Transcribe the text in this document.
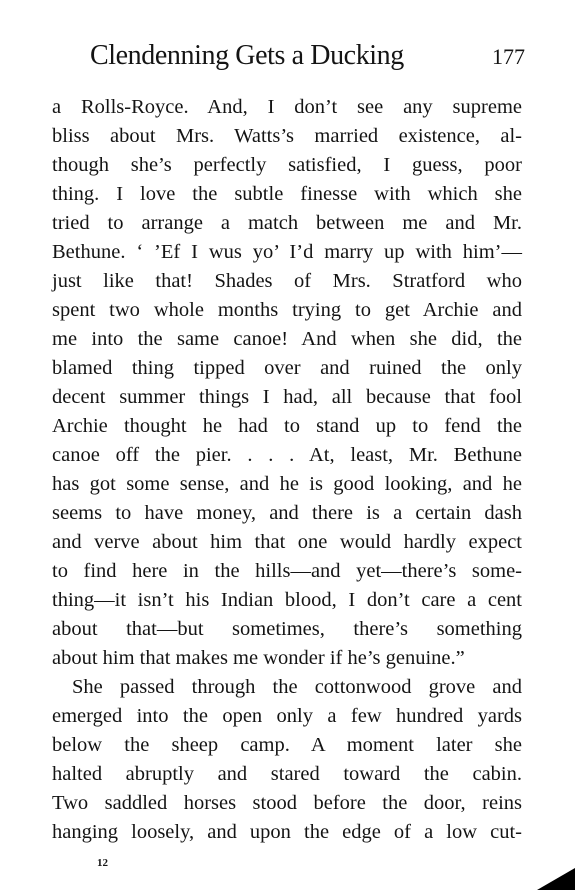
Clendenning Gets a Ducking	177
a Rolls-Royce. And, I don’t see any supreme
bliss about Mrs. Watts’s married existence, al-
though she’s perfectly satisfied, I guess, poor
thing. I love the subtle finesse with which she
tried to arrange a match between me and Mr.
Bethune. ‘ ’Ef I wus yo’ I’d marry up with him’—
just like that! Shades of Mrs. Stratford who
spent two whole months trying to get Archie and
me into the same canoe! And when she did, the
blamed thing tipped over and ruined the only
decent summer things I had, all because that fool
Archie thought he had to stand up to fend the
canoe off the pier. . . . At, least, Mr. Bethune
has got some sense, and he is good looking, and he
seems to have money, and there is a certain dash
and verve about him that one would hardly expect
to find here in the hills—and yet—there’s some-
thing—it isn’t his Indian blood, I don’t care a cent
about that—but sometimes, there’s something
about him that makes me wonder if he’s genuine.”
She passed through the cottonwood grove and
emerged into the open only a few hundred yards
below the sheep camp. A moment later she
halted abruptly and stared toward the cabin.
Two saddled horses stood before the door, reins
hanging loosely, and upon the edge of a low cut-
12
